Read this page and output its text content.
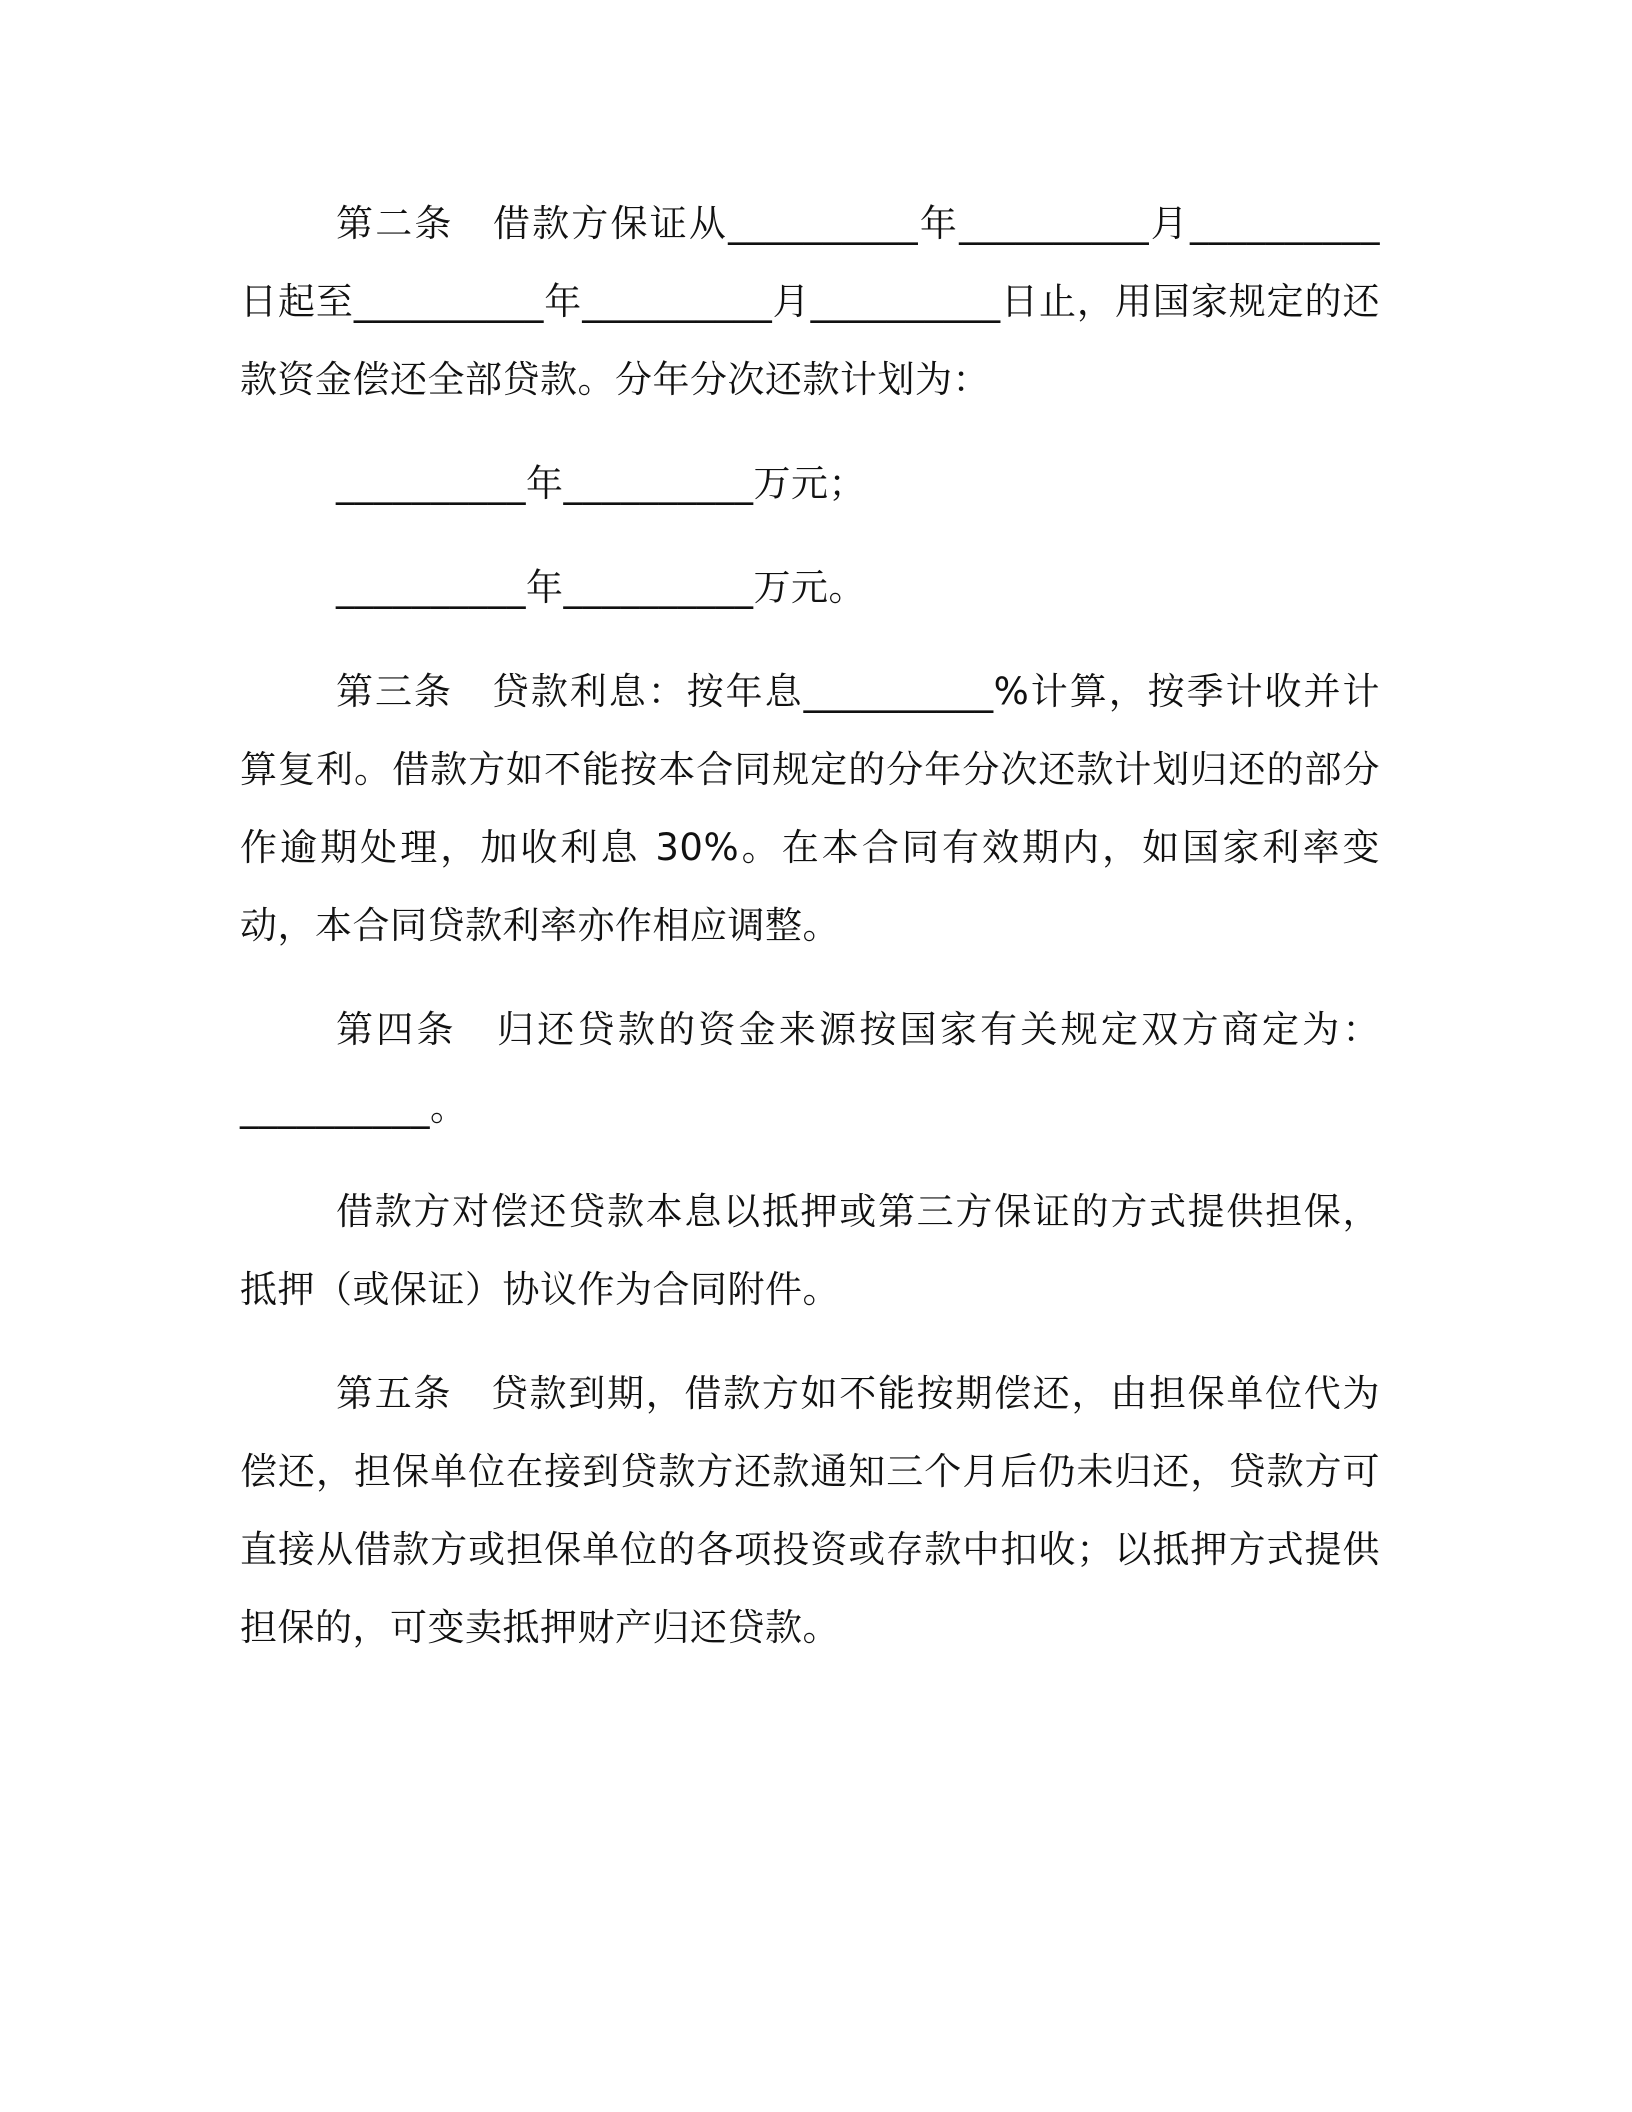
第二条　借款方保证从__________年__________月__________日起至__________年__________月__________日止，用国家规定的还款资金偿还全部贷款。分年分次还款计划为：

__________年__________万元；

__________年__________万元。

第三条　贷款利息：按年息__________%计算，按季计收并计算复利。借款方如不能按本合同规定的分年分次还款计划归还的部分作逾期处理，加收利息 30%。在本合同有效期内，如国家利率变动，本合同贷款利率亦作相应调整。

第四条　归还贷款的资金来源按国家有关规定双方商定为：__________。

借款方对偿还贷款本息以抵押或第三方保证的方式提供担保，抵押（或保证）协议作为合同附件。

第五条　贷款到期，借款方如不能按期偿还，由担保单位代为偿还，担保单位在接到贷款方还款通知三个月后仍未归还，贷款方可直接从借款方或担保单位的各项投资或存款中扣收；以抵押方式提供担保的，可变卖抵押财产归还贷款。
